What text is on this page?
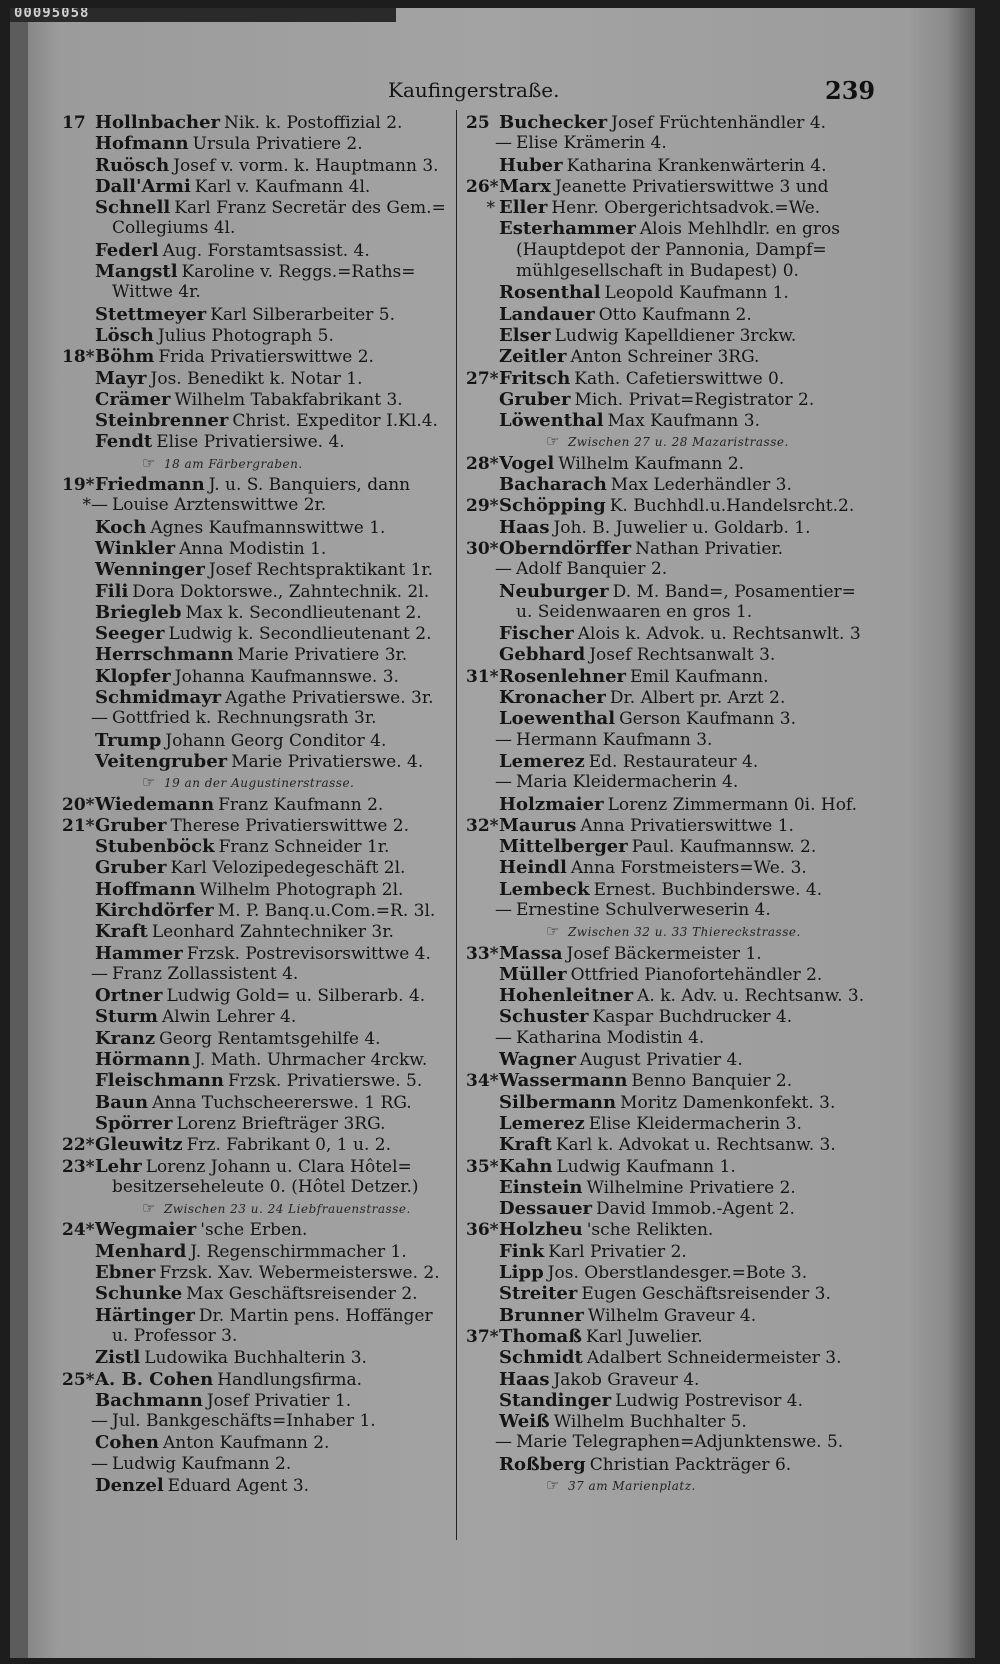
00095058
Kaufingerstraße.	239
17 Hollnbacher Nik. k. Postoffizial 2.
Hofmann Ursula Privatiere 2.
Ruösch Josef v. vorm. k. Hauptmann 3.
Dall'Armi Karl v. Kaufmann 4l.
Schnell Karl Franz Secretär des Gem.=
Collegiums 4l.
Federl Aug. Forstamtsassist. 4.
Mangstl Karoline v. Reggs.=Raths=
Wittwe 4r.
Stettmeyer Karl Silberarbeiter 5.
Lösch Julius Photograph 5.
18*Böhm Frida Privatierswittwe 2.
Mayr Jos. Benedikt k. Notar 1.
Crämer Wilhelm Tabakfabrikant 3.
Steinbrenner Christ. Expeditor I.Kl.4.
Fendt Elise Privatiersiwe. 4.
☞ 18 am Färbergraben.
19*Friedmann J. u. S. Banquiers, dann
*— Louise Arztenswittwe 2r.
Koch Agnes Kaufmannswittwe 1.
Winkler Anna Modistin 1.
Wenninger Josef Rechtspraktikant 1r.
Fili Dora Doktorswe., Zahntechnik. 2l.
Briegleb Max k. Secondlieutenant 2.
Seeger Ludwig k. Secondlieutenant 2.
Herrschmann Marie Privatiere 3r.
Klopfer Johanna Kaufmannswe. 3.
Schmidmayr Agathe Privatierswe. 3r.
— Gottfried k. Rechnungsrath 3r.
Trump Johann Georg Conditor 4.
Veitengruber Marie Privatierswe. 4.
☞ 19 an der Augustinerstrasse.
20*Wiedemann Franz Kaufmann 2.
21*Gruber Therese Privatierswittwe 2.
Stubenböck Franz Schneider 1r.
Gruber Karl Velozipedegeschäft 2l.
Hoffmann Wilhelm Photograph 2l.
Kirchdörfer M. P. Banq.u.Com.=R. 3l.
Kraft Leonhard Zahntechniker 3r.
Hammer Frzsk. Postrevisorswittwe 4.
— Franz Zollassistent 4.
Ortner Ludwig Gold= u. Silberarb. 4.
Sturm Alwin Lehrer 4.
Kranz Georg Rentamtsgehilfe 4.
Hörmann J. Math. Uhrmacher 4rckw.
Fleischmann Frzsk. Privatierswe. 5.
Baun Anna Tuchscheererswe. 1 RG.
Spörrer Lorenz Briefträger 3RG.
22*Gleuwitz Frz. Fabrikant 0, 1 u. 2.
23*Lehr Lorenz Johann u. Clara Hôtel=
besitzerseheleute 0. (Hôtel Detzer.)
☞ Zwischen 23 u. 24 Liebfrauenstrasse.
24*Wegmaier 'sche Erben.
Menhard J. Regenschirmmacher 1.
Ebner Frzsk. Xav. Webermeisterswe. 2.
Schunke Max Geschäftsreisender 2.
Härtinger Dr. Martin pens. Hoffänger
u. Professor 3.
Zistl Ludowika Buchhalterin 3.
25*A. B. Cohen Handlungsfirma.
Bachmann Josef Privatier 1.
— Jul. Bankgeschäfts=Inhaber 1.
Cohen Anton Kaufmann 2.
— Ludwig Kaufmann 2.
Denzel Eduard Agent 3.
25 Buchecker Josef Früchtenhändler 4.
— Elise Krämerin 4.
Huber Katharina Krankenwärterin 4.
26*Marx Jeanette Privatierswittwe 3 und
* Eller Henr. Obergerichtsadvok.=We.
Esterhammer Alois Mehlhdlr. en gros
(Hauptdepot der Pannonia, Dampf=
mühlgesellschaft in Budapest) 0.
Rosenthal Leopold Kaufmann 1.
Landauer Otto Kaufmann 2.
Elser Ludwig Kapelldiener 3rckw.
Zeitler Anton Schreiner 3RG.
27*Fritsch Kath. Cafetierswittwe 0.
Gruber Mich. Privat=Registrator 2.
Löwenthal Max Kaufmann 3.
☞ Zwischen 27 u. 28 Mazaristrasse.
28*Vogel Wilhelm Kaufmann 2.
Bacharach Max Lederhändler 3.
29*Schöpping K. Buchhdl.u.Handelsrcht.2.
Haas Joh. B. Juwelier u. Goldarb. 1.
30*Oberndörffer Nathan Privatier.
— Adolf Banquier 2.
Neuburger D. M. Band=, Posamentier=
u. Seidenwaaren en gros 1.
Fischer Alois k. Advok. u. Rechtsanwlt. 3
Gebhard Josef Rechtsanwalt 3.
31*Rosenlehner Emil Kaufmann.
Kronacher Dr. Albert pr. Arzt 2.
Loewenthal Gerson Kaufmann 3.
— Hermann Kaufmann 3.
Lemerez Ed. Restaurateur 4.
— Maria Kleidermacherin 4.
Holzmaier Lorenz Zimmermann 0i. Hof.
32*Maurus Anna Privatierswittwe 1.
Mittelberger Paul. Kaufmannsw. 2.
Heindl Anna Forstmeisters=We. 3.
Lembeck Ernest. Buchbinderswe. 4.
— Ernestine Schulverweserin 4.
☞ Zwischen 32 u. 33 Thiereckstrasse.
33*Massa Josef Bäckermeister 1.
Müller Ottfried Pianofortehändler 2.
Hohenleitner A. k. Adv. u. Rechtsanw. 3.
Schuster Kaspar Buchdrucker 4.
— Katharina Modistin 4.
Wagner August Privatier 4.
34*Wassermann Benno Banquier 2.
Silbermann Moritz Damenkonfekt. 3.
Lemerez Elise Kleidermacherin 3.
Kraft Karl k. Advokat u. Rechtsanw. 3.
35*Kahn Ludwig Kaufmann 1.
Einstein Wilhelmine Privatiere 2.
Dessauer David Immob.-Agent 2.
36*Holzheu 'sche Relikten.
Fink Karl Privatier 2.
Lipp Jos. Oberstlandesger.=Bote 3.
Streiter Eugen Geschäftsreisender 3.
Brunner Wilhelm Graveur 4.
37*Thomaß Karl Juwelier.
Schmidt Adalbert Schneidermeister 3.
Haas Jakob Graveur 4.
Standinger Ludwig Postrevisor 4.
Weiß Wilhelm Buchhalter 5.
— Marie Telegraphen=Adjunktenswe. 5.
Roßberg Christian Packträger 6.
☞ 37 am Marienplatz.
